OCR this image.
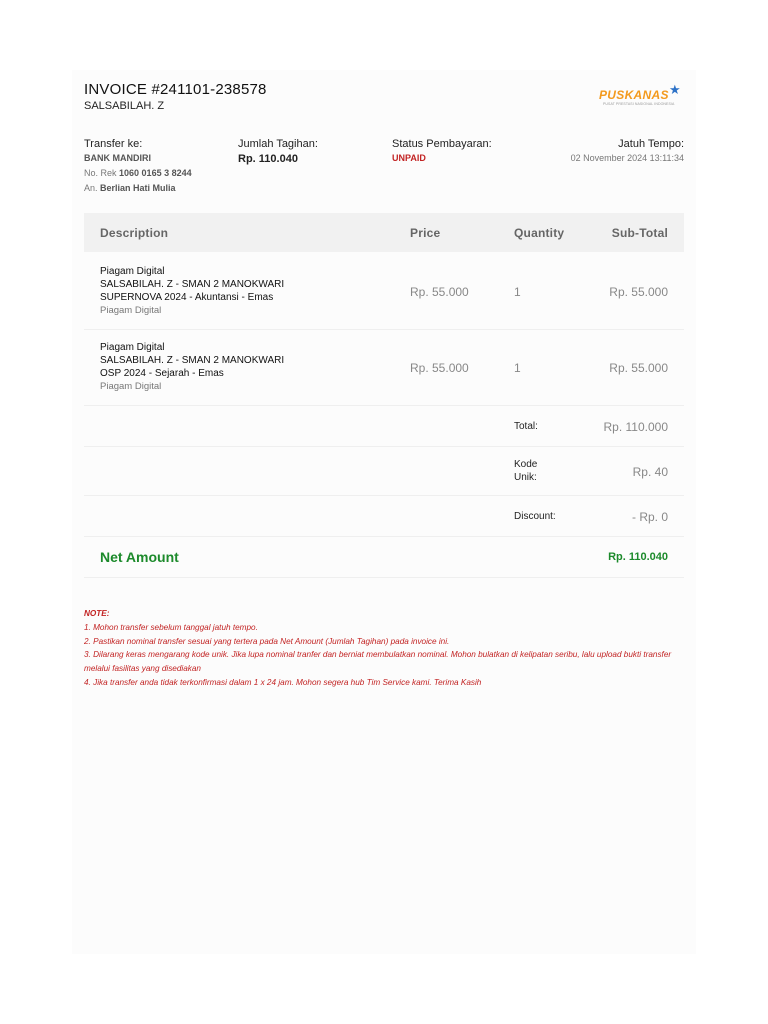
INVOICE #241101-238578
SALSABILAH. Z
PUSKANAS ★
PUSAT PRESTASI NASIONAL INDONESIA
Transfer ke:
BANK MANDIRI
No. Rek 1060 0165 3 8244
An. Berlian Hati Mulia
Jumlah Tagihan:
Rp. 110.040
Status Pembayaran:
UNPAID
Jatuh Tempo:
02 November 2024 13:11:34
Description	Price	Quantity	Sub-Total
Piagam Digital
SALSABILAH. Z - SMAN 2 MANOKWARI
SUPERNOVA 2024 - Akuntansi - Emas
Piagam Digital
Rp. 55.000	1	Rp. 55.000
Piagam Digital
SALSABILAH. Z - SMAN 2 MANOKWARI
OSP 2024 - Sejarah - Emas
Piagam Digital
Rp. 55.000	1	Rp. 55.000
Total:	Rp. 110.000
Kode
Unik:	Rp. 40
Discount:	- Rp. 0
Net Amount	Rp. 110.040
NOTE:
1. Mohon transfer sebelum tanggal jatuh tempo.
2. Pastikan nominal transfer sesuai yang tertera pada Net Amount (Jumlah Tagihan) pada invoice ini.
3. Dilarang keras mengarang kode unik. Jika lupa nominal tranfer dan berniat membulatkan nominal. Mohon bulatkan di kelipatan seribu, lalu upload bukti transfer melalui fasilitas yang disediakan
4. Jika transfer anda tidak terkonfirmasi dalam 1 x 24 jam. Mohon segera hub Tim Service kami. Terima Kasih
